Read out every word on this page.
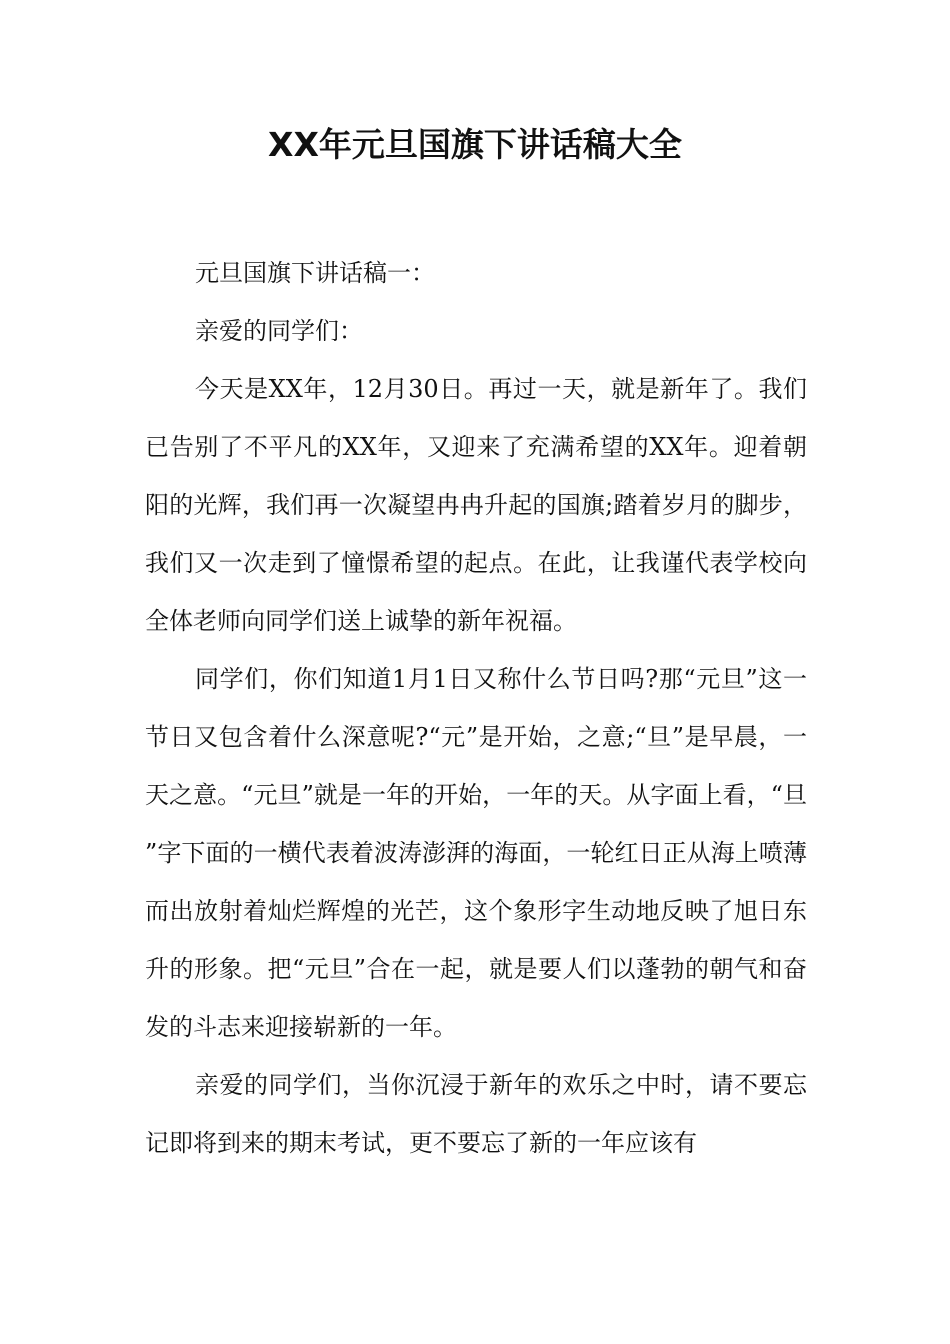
XX年元旦国旗下讲话稿大全

元旦国旗下讲话稿一：

亲爱的同学们：

今天是XX年，12月30日。再过一天，就是新年了。我们已告别了不平凡的XX年，又迎来了充满希望的XX年。迎着朝阳的光辉，我们再一次凝望冉冉升起的国旗;踏着岁月的脚步，我们又一次走到了憧憬希望的起点。在此，让我谨代表学校向全体老师向同学们送上诚挚的新年祝福。

同学们，你们知道1月1日又称什么节日吗?那“元旦”这一节日又包含着什么深意呢?“元”是开始，之意;“旦”是早晨，一天之意。“元旦”就是一年的开始，一年的天。从字面上看，“旦”字下面的一横代表着波涛澎湃的海面，一轮红日正从海上喷薄而出放射着灿烂辉煌的光芒，这个象形字生动地反映了旭日东升的形象。把“元旦”合在一起，就是要人们以蓬勃的朝气和奋发的斗志来迎接崭新的一年。

亲爱的同学们，当你沉浸于新年的欢乐之中时，请不要忘记即将到来的期末考试，更不要忘了新的一年应该有
